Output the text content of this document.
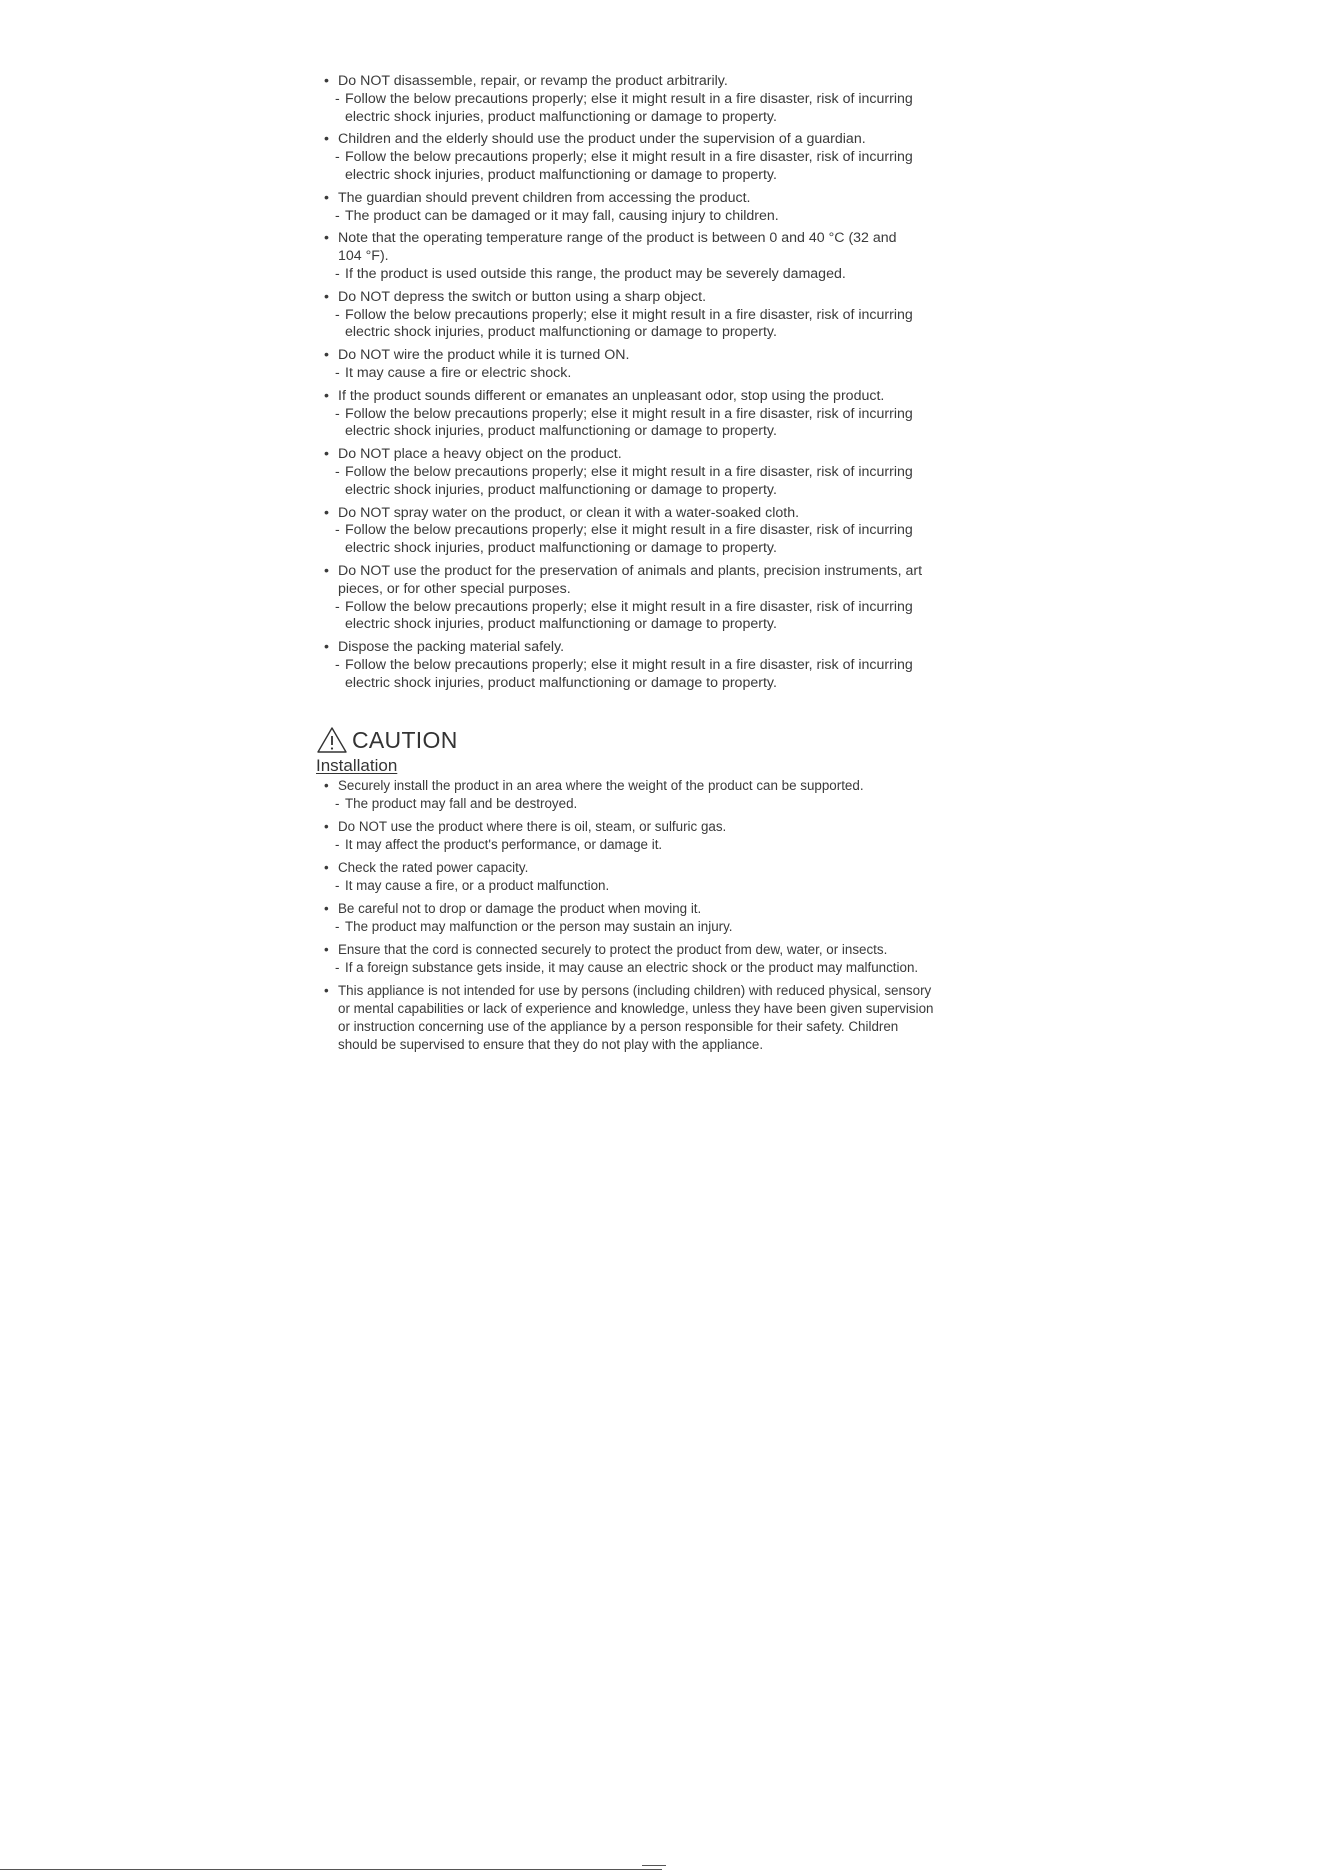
• Do NOT disassemble, repair, or revamp the product arbitrarily.
- Follow the below precautions properly; else it might result in a fire disaster, risk of incurring
electric shock injuries, product malfunctioning or damage to property.
• Children and the elderly should use the product under the supervision of a guardian.
- Follow the below precautions properly; else it might result in a fire disaster, risk of incurring
electric shock injuries, product malfunctioning or damage to property.
• The guardian should prevent children from accessing the product.
- The product can be damaged or it may fall, causing injury to children.
• Note that the operating temperature range of the product is between 0 and 40 °C (32 and
104 °F).
- If the product is used outside this range, the product may be severely damaged.
• Do NOT depress the switch or button using a sharp object.
- Follow the below precautions properly; else it might result in a fire disaster, risk of incurring
electric shock injuries, product malfunctioning or damage to property.
• Do NOT wire the product while it is turned ON.
- It may cause a fire or electric shock.
• If the product sounds different or emanates an unpleasant odor, stop using the product.
- Follow the below precautions properly; else it might result in a fire disaster, risk of incurring
electric shock injuries, product malfunctioning or damage to property.
• Do NOT place a heavy object on the product.
- Follow the below precautions properly; else it might result in a fire disaster, risk of incurring
electric shock injuries, product malfunctioning or damage to property.
• Do NOT spray water on the product, or clean it with a water-soaked cloth.
- Follow the below precautions properly; else it might result in a fire disaster, risk of incurring
electric shock injuries, product malfunctioning or damage to property.
• Do NOT use the product for the preservation of animals and plants, precision instruments, art
pieces, or for other special purposes.
- Follow the below precautions properly; else it might result in a fire disaster, risk of incurring
electric shock injuries, product malfunctioning or damage to property.
• Dispose the packing material safely.
- Follow the below precautions properly; else it might result in a fire disaster, risk of incurring
electric shock injuries, product malfunctioning or damage to property.
CAUTION
Installation
• Securely install the product in an area where the weight of the product can be supported.
- The product may fall and be destroyed.
• Do NOT use the product where there is oil, steam, or sulfuric gas.
- It may affect the product's performance, or damage it.
• Check the rated power capacity.
- It may cause a fire, or a product malfunction.
• Be careful not to drop or damage the product when moving it.
- The product may malfunction or the person may sustain an injury.
• Ensure that the cord is connected securely to protect the product from dew, water, or insects.
- If a foreign substance gets inside, it may cause an electric shock or the product may malfunction.
• This appliance is not intended for use by persons (including children) with reduced physical, sensory
or mental capabilities or lack of experience and knowledge, unless they have been given supervision
or instruction concerning use of the appliance by a person responsible for their safety. Children
should be supervised to ensure that they do not play with the appliance.
